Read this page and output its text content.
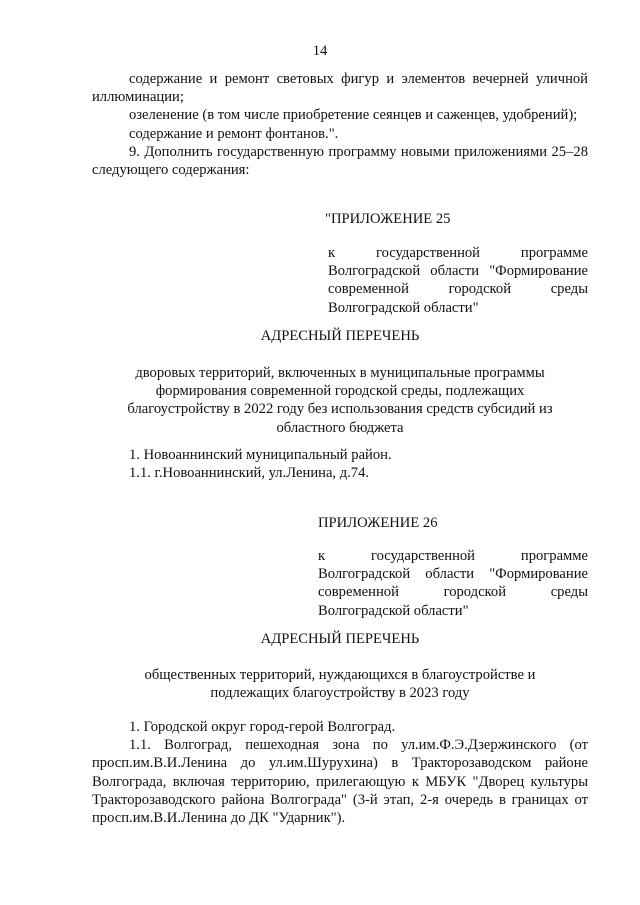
14

содержание и ремонт световых фигур и элементов вечерней уличной иллюминации;

озеленение (в том числе приобретение сеянцев и саженцев, удобрений);

содержание и ремонт фонтанов.".

9. Дополнить государственную программу новыми приложениями 25–28 следующего содержания:

"ПРИЛОЖЕНИЕ 25
к государственной программе
Волгоградской области "Формирование современной городской среды Волгоградской области"
АДРЕСНЫЙ ПЕРЕЧЕНЬ
дворовых территорий, включенных в муниципальные программы формирования современной городской среды, подлежащих благоустройству в 2022 году без использования средств субсидий из областного бюджета
1. Новоаннинский муниципальный район.
1.1. г.Новоаннинский, ул.Ленина, д.74.
ПРИЛОЖЕНИЕ 26
к государственной программе
Волгоградской области "Формирование современной городской среды Волгоградской области"
АДРЕСНЫЙ ПЕРЕЧЕНЬ
общественных территорий, нуждающихся в благоустройстве и подлежащих благоустройству в 2023 году

1. Городской округ город-герой Волгоград.

1.1. Волгоград, пешеходная зона по ул.им.Ф.Э.Дзержинского (от просп.им.В.И.Ленина до ул.им.Шурухина) в Тракторозаводском районе Волгограда, включая территорию, прилегающую к МБУК "Дворец культуры Тракторозаводского района Волгограда" (3-й этап, 2-я очередь в границах от просп.им.В.И.Ленина до ДК "Ударник").
